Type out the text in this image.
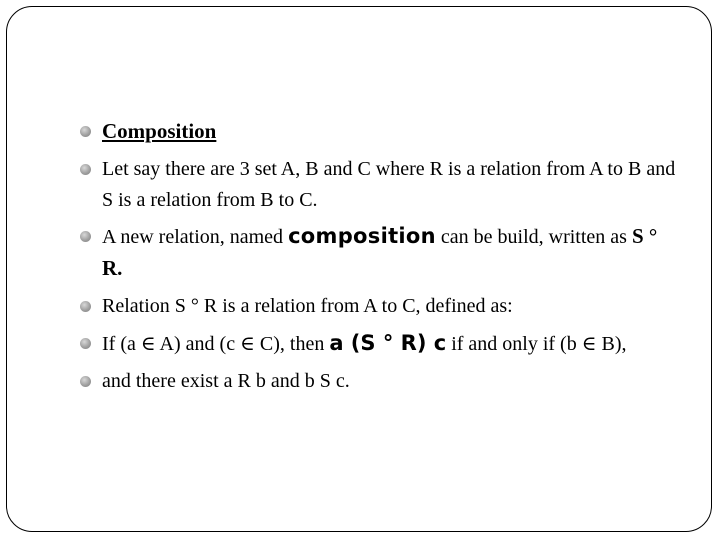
Composition
Let say there are 3 set A, B and C where R is a relation from A to B and S is a relation from B to C.
A new relation, named composition can be build, written as S ° R.
Relation S ° R is a relation from A to C, defined as:
If (a ∈ A) and (c ∈ C), then a (S ° R) c if and only if (b ∈ B),
and there exist a R b and b S c.
